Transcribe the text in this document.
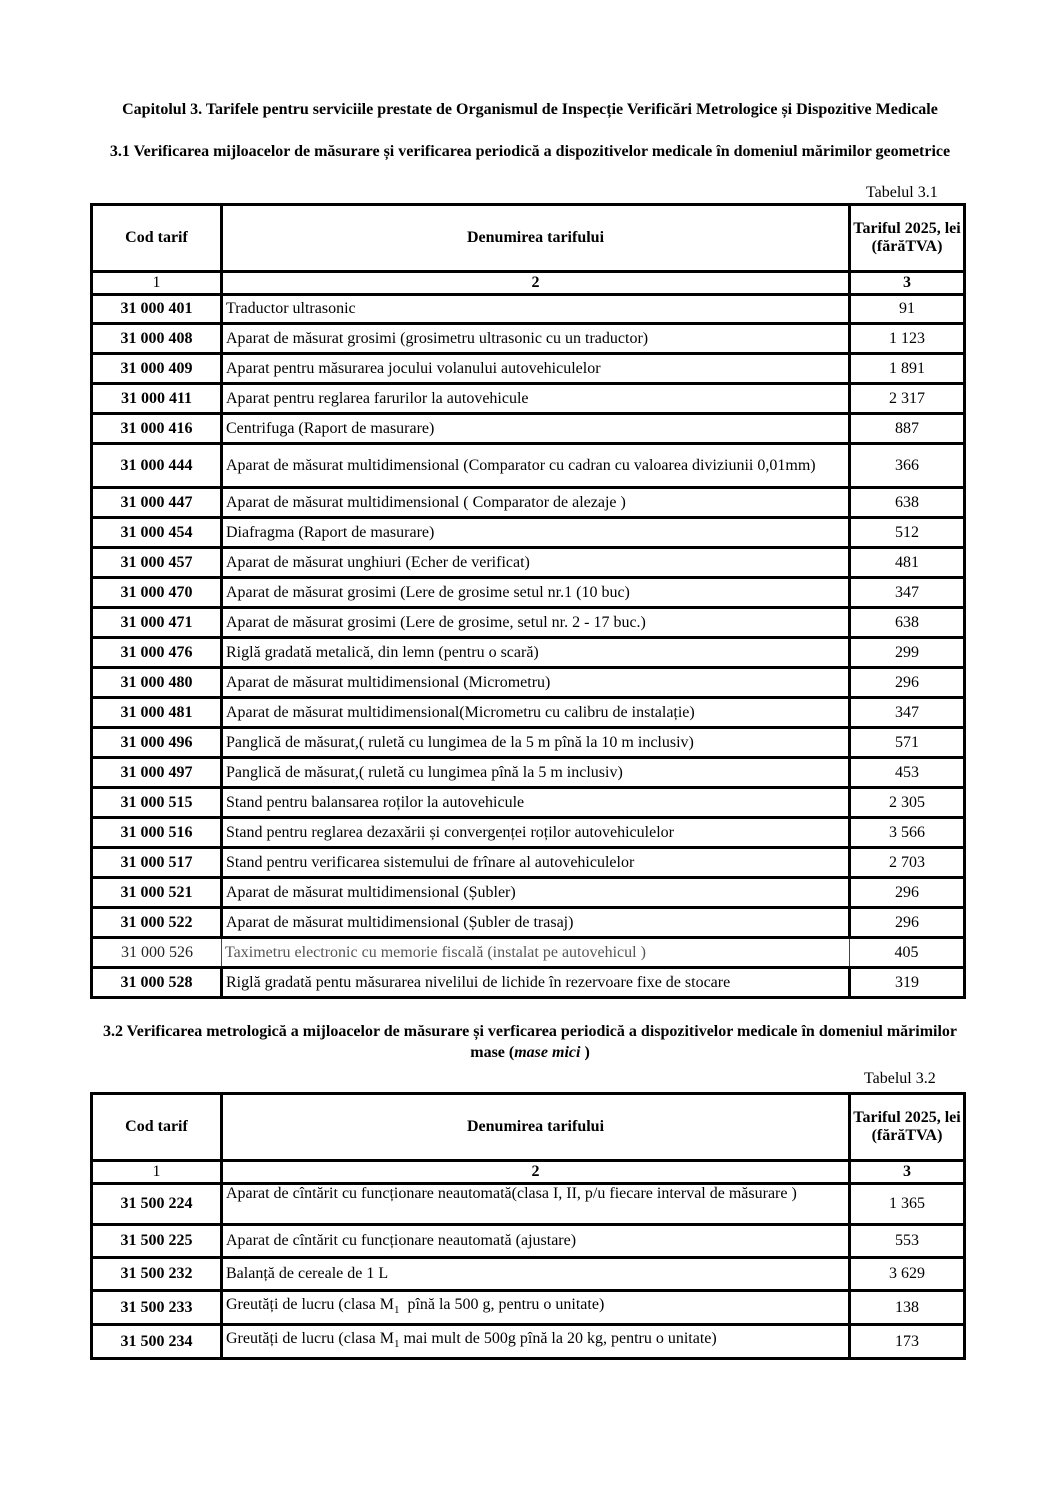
Capitolul 3. Tarifele pentru serviciile prestate de Organismul de Inspecție Verificări Metrologice și Dispozitive Medicale
3.1 Verificarea mijloacelor de măsurare și verificarea periodică a dispozitivelor medicale în domeniul mărimilor geometrice
Tabelul 3.1
Cod tarif	Denumirea tarifului	Tariful 2025, lei (fărăTVA)
1	2	3
31 000 401	Traductor ultrasonic	91
31 000 408	Aparat de măsurat grosimi (grosimetru ultrasonic cu un traductor)	1 123
31 000 409	Aparat pentru măsurarea jocului volanului autovehiculelor	1 891
31 000 411	Aparat pentru reglarea farurilor la autovehicule	2 317
31 000 416	Centrifuga (Raport de masurare)	887
31 000 444	Aparat de măsurat multidimensional (Comparator cu cadran cu valoarea diviziunii 0,01mm)	366
31 000 447	Aparat de măsurat multidimensional ( Comparator de alezaje )	638
31 000 454	Diafragma (Raport de masurare)	512
31 000 457	Aparat de măsurat unghiuri (Echer de verificat)	481
31 000 470	Aparat de măsurat grosimi (Lere de grosime setul nr.1 (10 buc)	347
31 000 471	Aparat de măsurat grosimi (Lere de grosime, setul nr. 2 - 17 buc.)	638
31 000 476	Riglă gradată metalică, din lemn (pentru o scară)	299
31 000 480	Aparat de măsurat multidimensional (Micrometru)	296
31 000 481	Aparat de măsurat multidimensional(Micrometru cu calibru de instalație)	347
31 000 496	Panglică de măsurat,( ruletă cu lungimea de la 5 m pînă la 10 m inclusiv)	571
31 000 497	Panglică de măsurat,( ruletă cu lungimea pînă la 5 m inclusiv)	453
31 000 515	Stand pentru balansarea roților la autovehicule	2 305
31 000 516	Stand pentru reglarea dezaxării și convergenței roților autovehiculelor	3 566
31 000 517	Stand pentru verificarea sistemului de frînare al autovehiculelor	2 703
31 000 521	Aparat de măsurat multidimensional (Șubler)	296
31 000 522	Aparat de măsurat multidimensional (Șubler de trasaj)	296
31 000 526	Taximetru electronic cu memorie fiscală (instalat pe autovehicul )	405
31 000 528	Riglă gradată pentu măsurarea nivelilui de lichide în rezervoare fixe de stocare	319
3.2 Verificarea metrologică a mijloacelor de măsurare și verficarea periodică a dispozitivelor medicale în domeniul mărimilor mase (mase mici )
Tabelul 3.2
Cod tarif	Denumirea tarifului	Tariful 2025, lei (fărăTVA)
1	2	3
31 500 224	Aparat de cîntărit cu funcționare neautomată(clasa I, II, p/u fiecare interval de măsurare )	1 365
31 500 225	Aparat de cîntărit cu funcționare neautomată (ajustare)	553
31 500 232	Balanță de cereale de 1 L	3 629
31 500 233	Greutăți de lucru (clasa $M_1$  pînă la 500 g, pentru o unitate)	138
31 500 234	Greutăți de lucru (clasa $M_1$ mai mult de 500g pînă la 20 kg, pentru o unitate)	173
